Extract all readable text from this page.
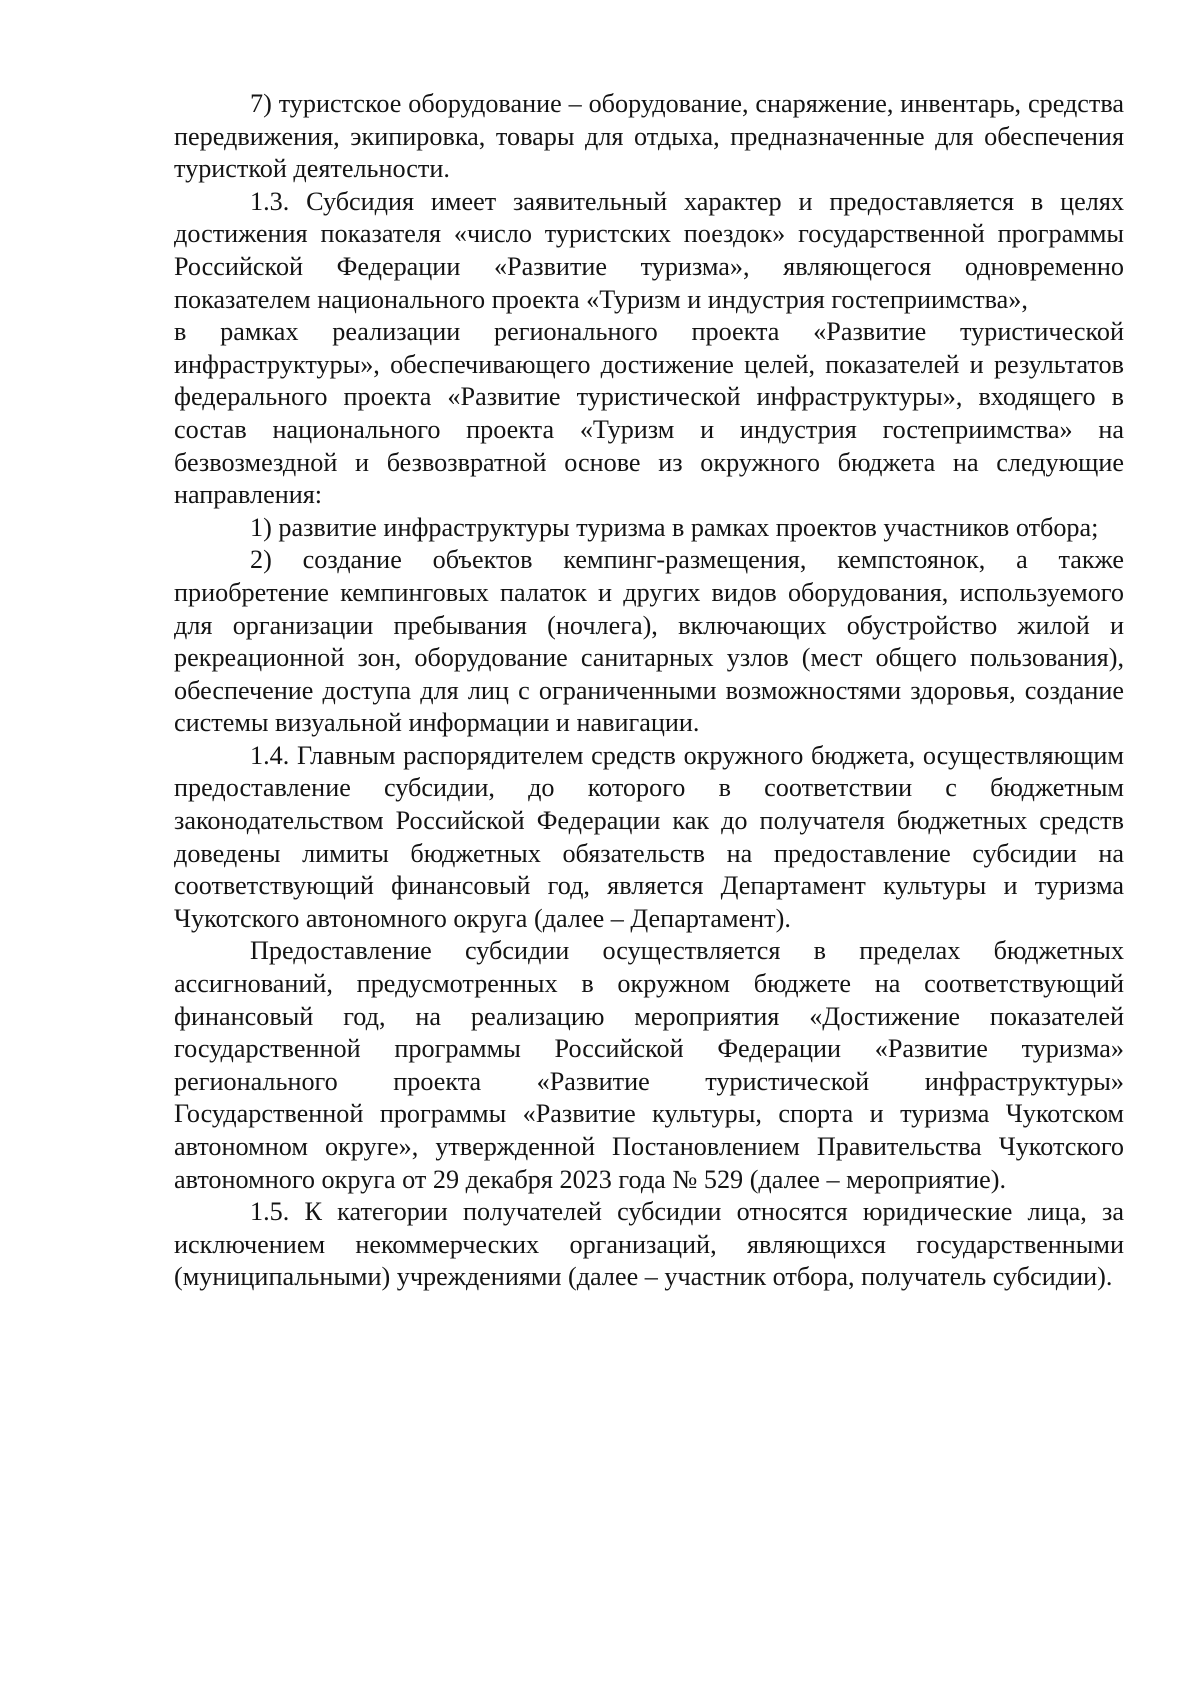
7) туристское оборудование – оборудование, снаряжение, инвентарь, средства передвижения, экипировка, товары для отдыха, предназначенные для обеспечения туристкой деятельности.

1.3. Субсидия имеет заявительный характер и предоставляется в целях достижения показателя «число туристских поездок» государственной программы Российской Федерации «Развитие туризма», являющегося одновременно показателем национального проекта «Туризм и индустрия гостеприимства»,

в рамках реализации регионального проекта «Развитие туристической инфраструктуры», обеспечивающего достижение целей, показателей и результатов федерального проекта «Развитие туристической инфраструктуры», входящего в состав национального проекта «Туризм и индустрия гостеприимства» на безвозмездной и безвозвратной основе из окружного бюджета на следующие направления:

1) развитие инфраструктуры туризма в рамках проектов участников отбора;

2) создание объектов кемпинг-размещения, кемпстоянок, а также приобретение кемпинговых палаток и других видов оборудования, используемого для организации пребывания (ночлега), включающих обустройство жилой и рекреационной зон, оборудование санитарных узлов (мест общего пользования), обеспечение доступа для лиц с ограниченными возможностями здоровья, создание системы визуальной информации и навигации.

1.4. Главным распорядителем средств окружного бюджета, осуществляющим предоставление субсидии, до которого в соответствии с бюджетным законодательством Российской Федерации как до получателя бюджетных средств доведены лимиты бюджетных обязательств на предоставление субсидии на соответствующий финансовый год, является Департамент культуры и туризма Чукотского автономного округа (далее – Департамент).

Предоставление субсидии осуществляется в пределах бюджетных ассигнований, предусмотренных в окружном бюджете на соответствующий финансовый год, на реализацию мероприятия «Достижение показателей государственной программы Российской Федерации «Развитие туризма» регионального проекта «Развитие туристической инфраструктуры» Государственной программы «Развитие культуры, спорта и туризма Чукотском автономном округе», утвержденной Постановлением Правительства Чукотского автономного округа от 29 декабря 2023 года № 529 (далее – мероприятие).

1.5. К категории получателей субсидии относятся юридические лица, за исключением некоммерческих организаций, являющихся государственными (муниципальными) учреждениями (далее – участник отбора, получатель субсидии).
